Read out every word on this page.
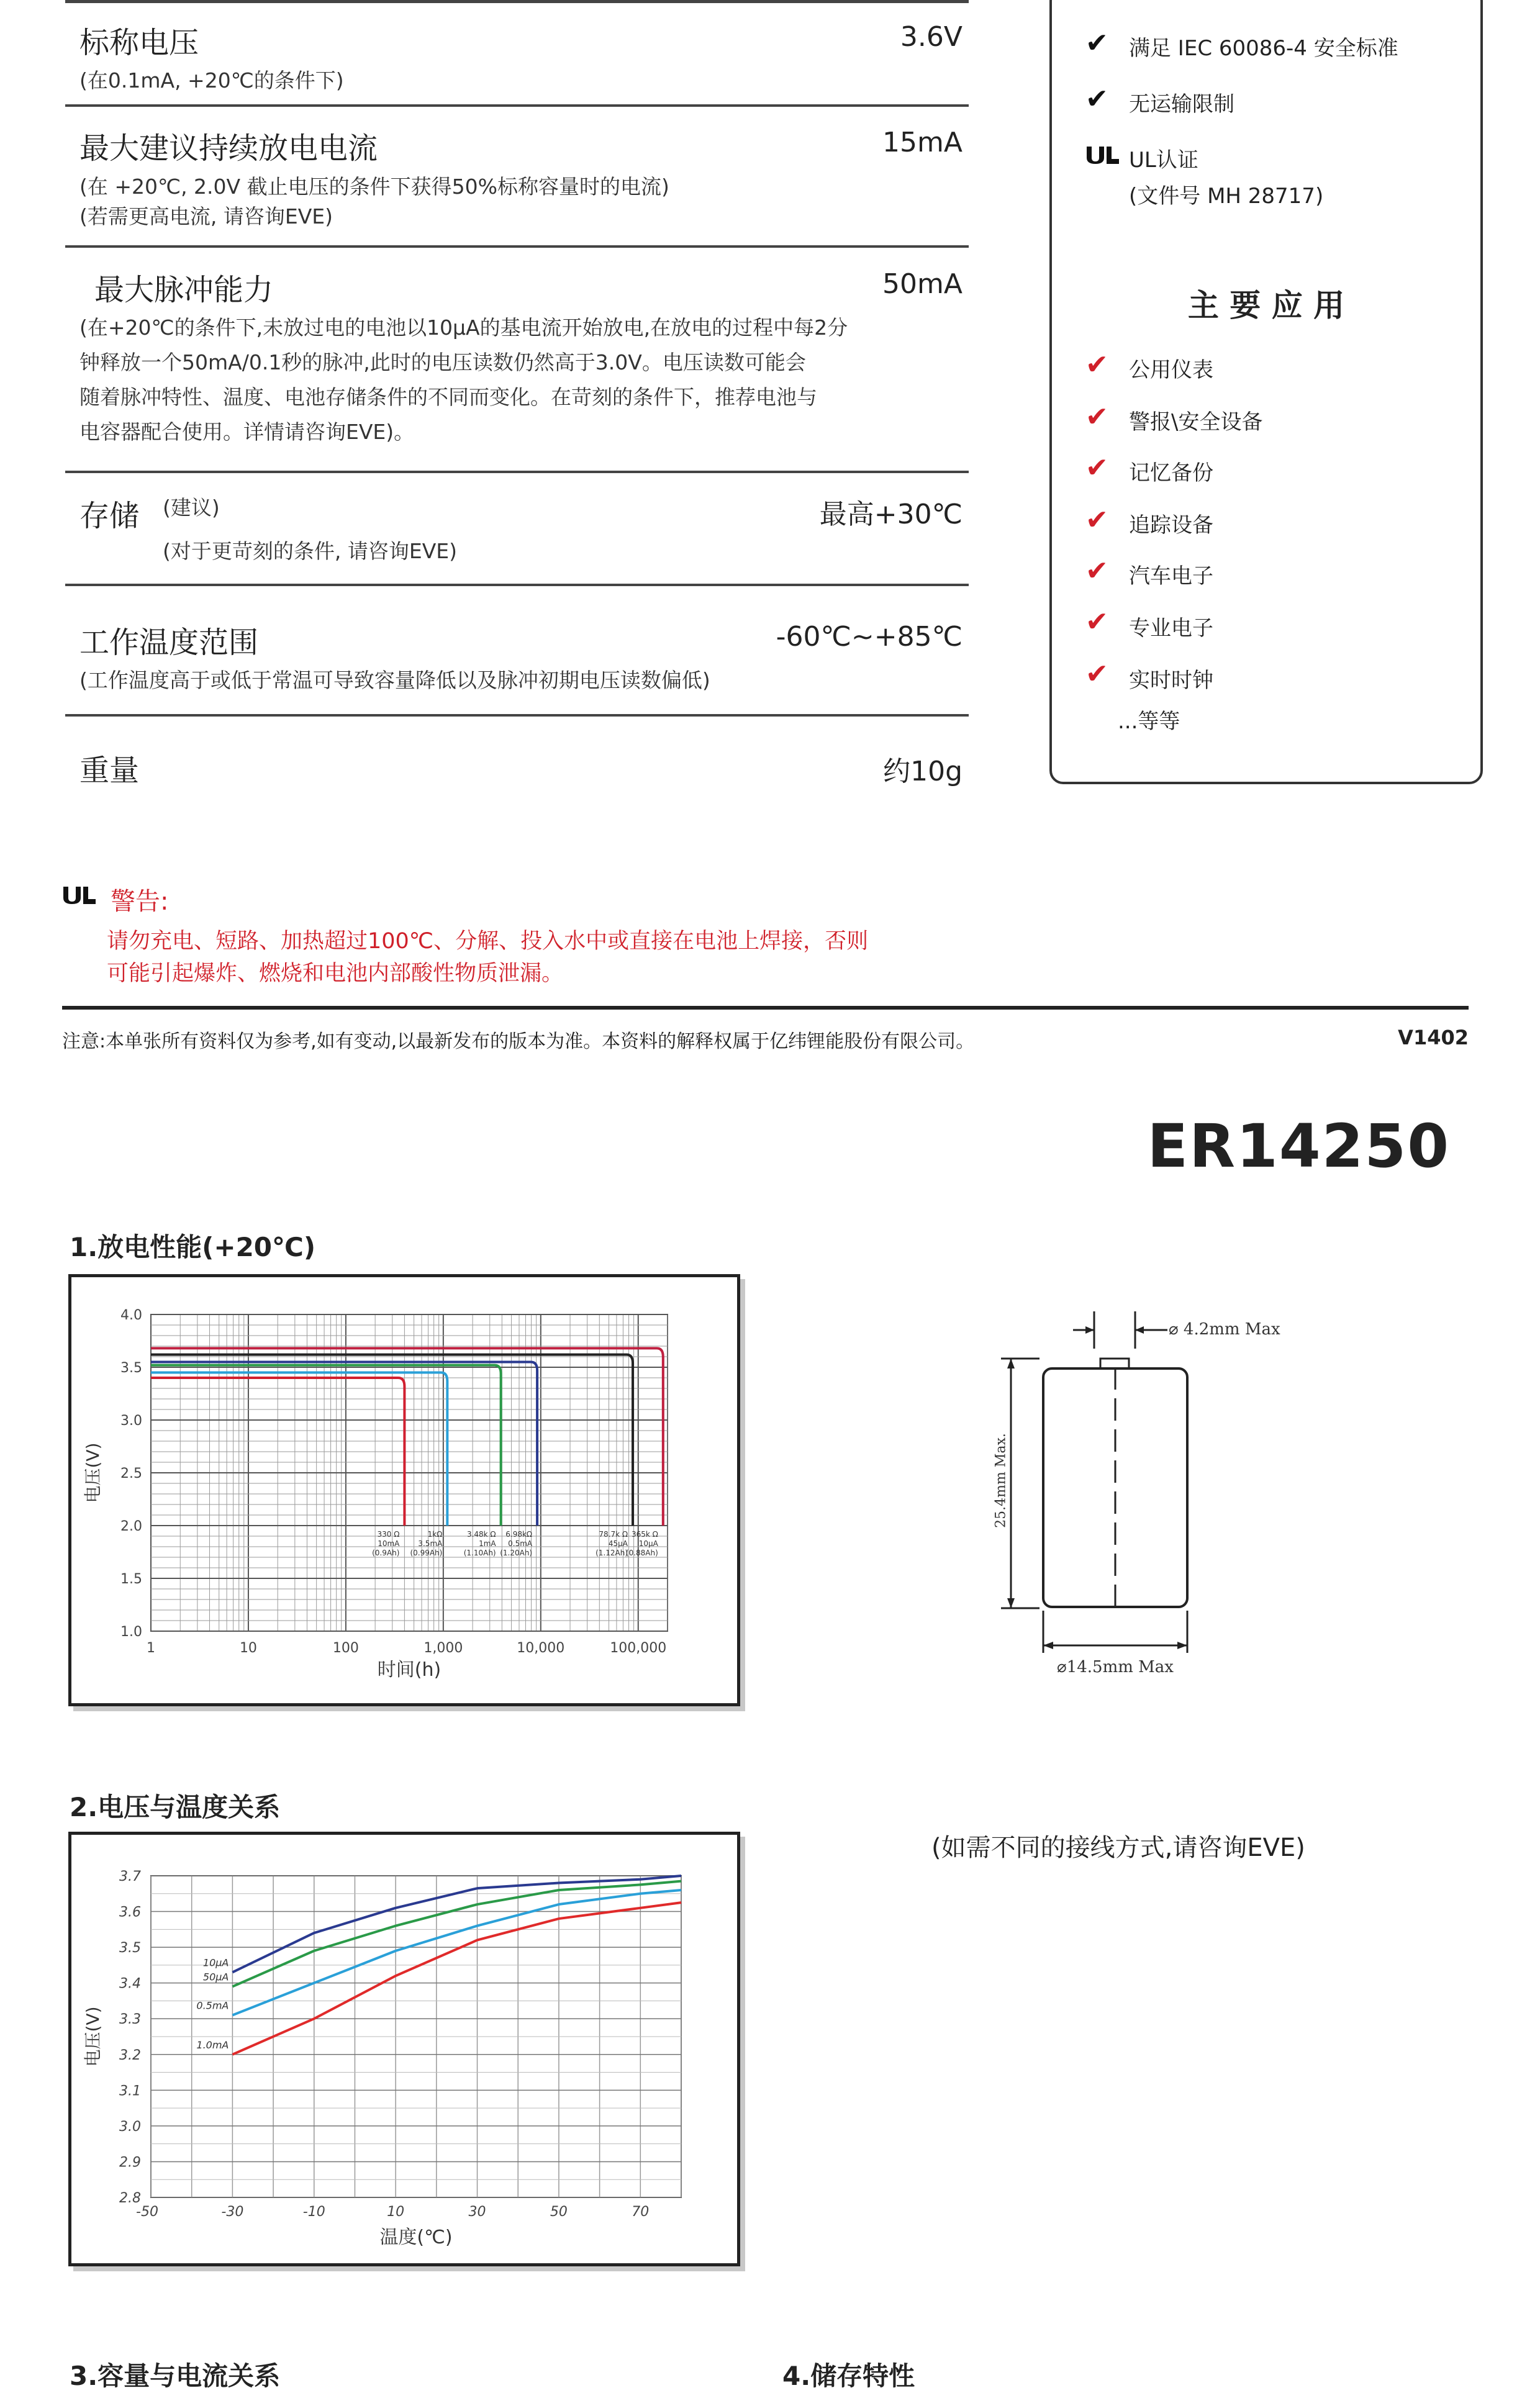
标称电压	3.6V
(在0.1mA, +20℃的条件下)
最大建议持续放电电流	15mA
(在 +20℃, 2.0V 截止电压的条件下获得50%标称容量时的电流)
(若需更高电流, 请咨询EVE)
最大脉冲能力	50mA
(在+20℃的条件下,未放过电的电池以10μA的基电流开始放电,在放电的过程中每2分
钟释放一个50mA/0.1秒的脉冲,此时的电压读数仍然高于3.0V。电压读数可能会
随着脉冲特性、温度、电池存储条件的不同而变化。在苛刻的条件下，推荐电池与
电容器配合使用。详情请咨询EVE)。
存储 (建议)	最高+30℃
(对于更苛刻的条件, 请咨询EVE)
工作温度范围	-60℃~+85℃
(工作温度高于或低于常温可导致容量降低以及脉冲初期电压读数偏低)
重量	约10g
✔ 满足 IEC 60086-4 安全标准
✔ 无运输限制
UL认证
(文件号 MH 28717)
主 要 应 用
✔ 公用仪表
✔ 警报\安全设备
✔ 记忆备份
✔ 追踪设备
✔ 汽车电子
✔ 专业电子
✔ 实时时钟
...等等
警告:
请勿充电、短路、加热超过100℃、分解、投入水中或直接在电池上焊接，否则
可能引起爆炸、燃烧和电池内部酸性物质泄漏。
注意:本单张所有资料仅为参考,如有变动,以最新发布的版本为准。本资料的解释权属于亿纬锂能股份有限公司。	V1402
ER14250
1.放电性能(+20℃)
1	10	100	1,000	10,000	100,000
1.0
1.5
2.0
2.5
3.0
3.5
4.0
330 Ω
10mA
(0.9Ah)
1kΩ
3.5mA
(0.99Ah)
3.48k Ω
1mA
(1.10Ah)
6.98kΩ
0.5mA
(1.20Ah)
78.7k Ω
45μA
(1.12Ah)
365k Ω
10μA
(0.88Ah)
时间(h)
电压(V)
⌀ 4.2mm Max
25.4mm Max.
⌀14.5mm Max
2.电压与温度关系
(如需不同的接线方式,请咨询EVE)
2.8
2.9
3.0
3.1
3.2
3.3
3.4
3.5
3.6
3.7
-50	-30	-10	10	30	50	70
10μA
50μA
0.5mA
1.0mA
温度(℃)
电压(V)
3.容量与电流关系	4.储存特性
